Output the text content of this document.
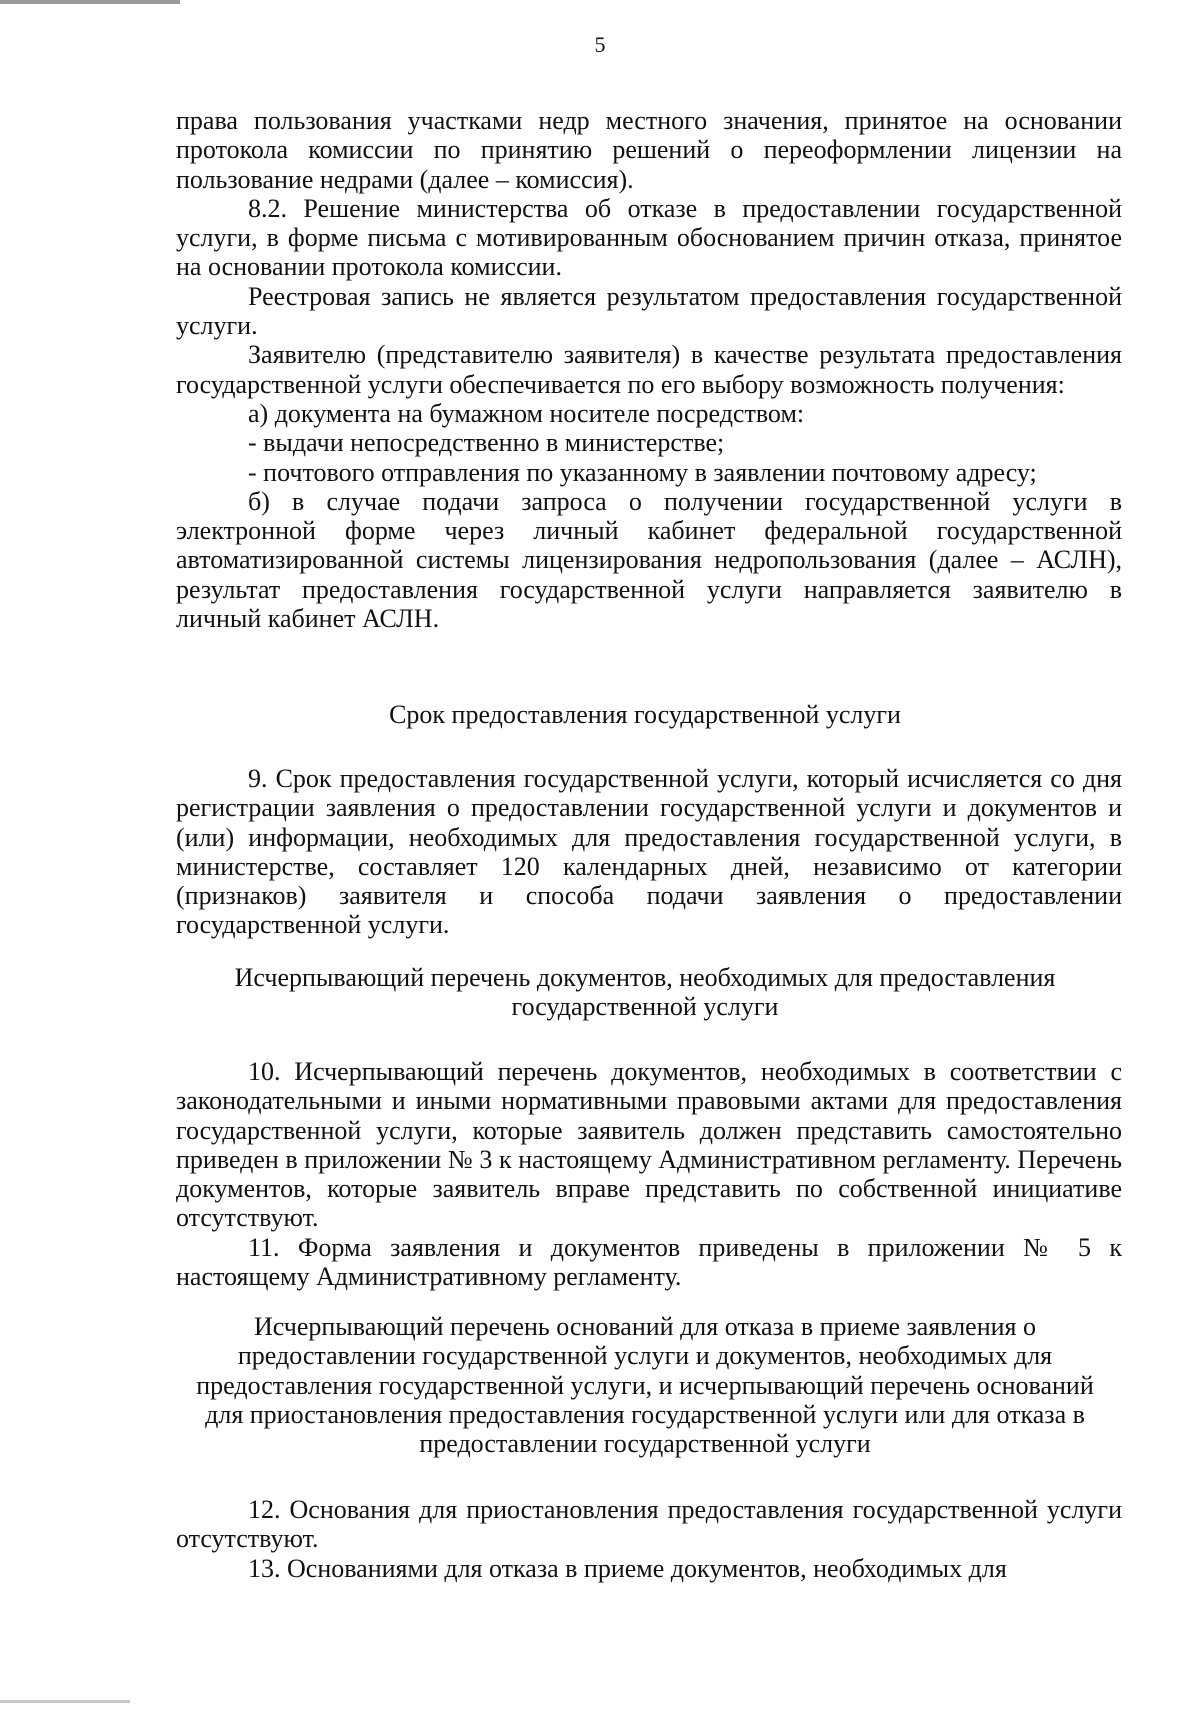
5

права пользования участками недр местного значения, принятое на основании протокола комиссии по принятию решений о переоформлении лицензии на пользование недрами (далее – комиссия).

8.2. Решение министерства об отказе в предоставлении государственной услуги, в форме письма с мотивированным обоснованием причин отказа, принятое на основании протокола комиссии.

Реестровая запись не является результатом предоставления государственной услуги.

Заявителю (представителю заявителя) в качестве результата предоставления государственной услуги обеспечивается по его выбору возможность получения:

а) документа на бумажном носителе посредством:

- выдачи непосредственно в министерстве;

- почтового отправления по указанному в заявлении почтовому адресу;

б) в случае подачи запроса о получении государственной услуги в электронной форме через личный кабинет федеральной государственной автоматизированной системы лицензирования недропользования (далее – АСЛН), результат предоставления государственной услуги направляется заявителю в личный кабинет АСЛН.

Срок предоставления государственной услуги

9. Срок предоставления государственной услуги, который исчисляется со дня регистрации заявления о предоставлении государственной услуги и документов и (или) информации, необходимых для предоставления государственной услуги, в министерстве, составляет 120 календарных дней, независимо от категории (признаков) заявителя и способа подачи заявления о предоставлении государственной услуги.

Исчерпывающий перечень документов, необходимых для предоставления
государственной услуги

10. Исчерпывающий перечень документов, необходимых в соответствии с законодательными и иными нормативными правовыми актами для предоставления государственной услуги, которые заявитель должен представить самостоятельно приведен в приложении № 3 к настоящему Административном регламенту. Перечень документов, которые заявитель вправе представить по собственной инициативе отсутствуют.

11. Форма заявления и документов приведены в приложении № 5 к настоящему Административному регламенту.

Исчерпывающий перечень оснований для отказа в приеме заявления о
предоставлении государственной услуги и документов, необходимых для
предоставления государственной услуги, и исчерпывающий перечень оснований
для приостановления предоставления государственной услуги или для отказа в
предоставлении государственной услуги

12. Основания для приостановления предоставления государственной услуги отсутствуют.

13. Основаниями для отказа в приеме документов, необходимых для
